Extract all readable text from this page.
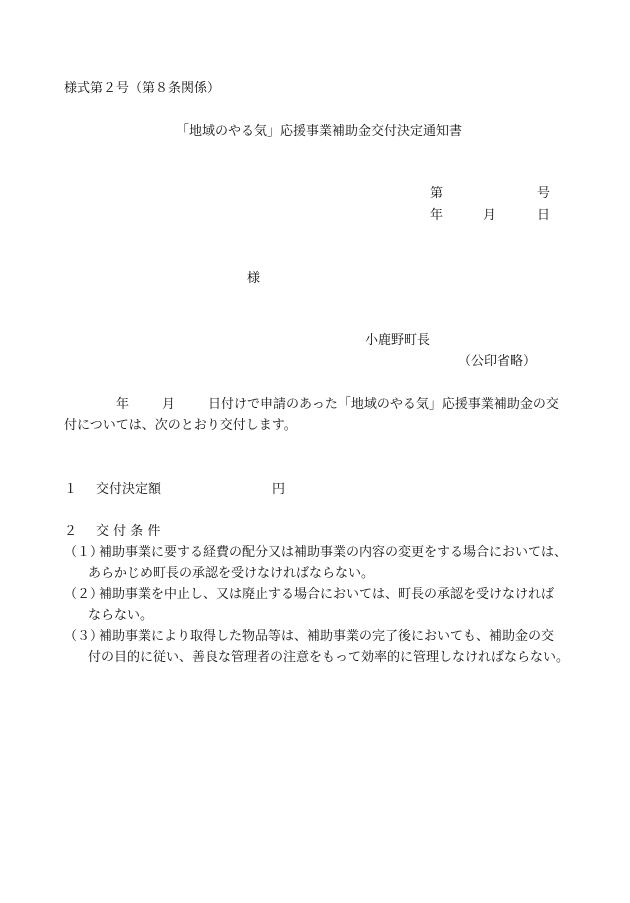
様式第２号（第８条関係）
「地域のやる気」応援事業補助金交付決定通知書
第	号
年	月	日
様
小鹿野町長
（公印省略）
年	月	日付けで申請のあった「地域のやる気」応援事業補助金の交
付については、次のとおり交付します。
１ 交付決定額	円
２ 交 付 条 件
（１）
補助事業に要する経費の配分又は補助事業の内容の変更をする場合においては、
あらかじめ町長の承認を受けなければならない。
（２）
補助事業を中止し、又は廃止する場合においては、町長の承認を受けなければ
ならない。
（３）
補助事業により取得した物品等は、補助事業の完了後においても、補助金の交
付の目的に従い、善良な管理者の注意をもって効率的に管理しなければならない。
